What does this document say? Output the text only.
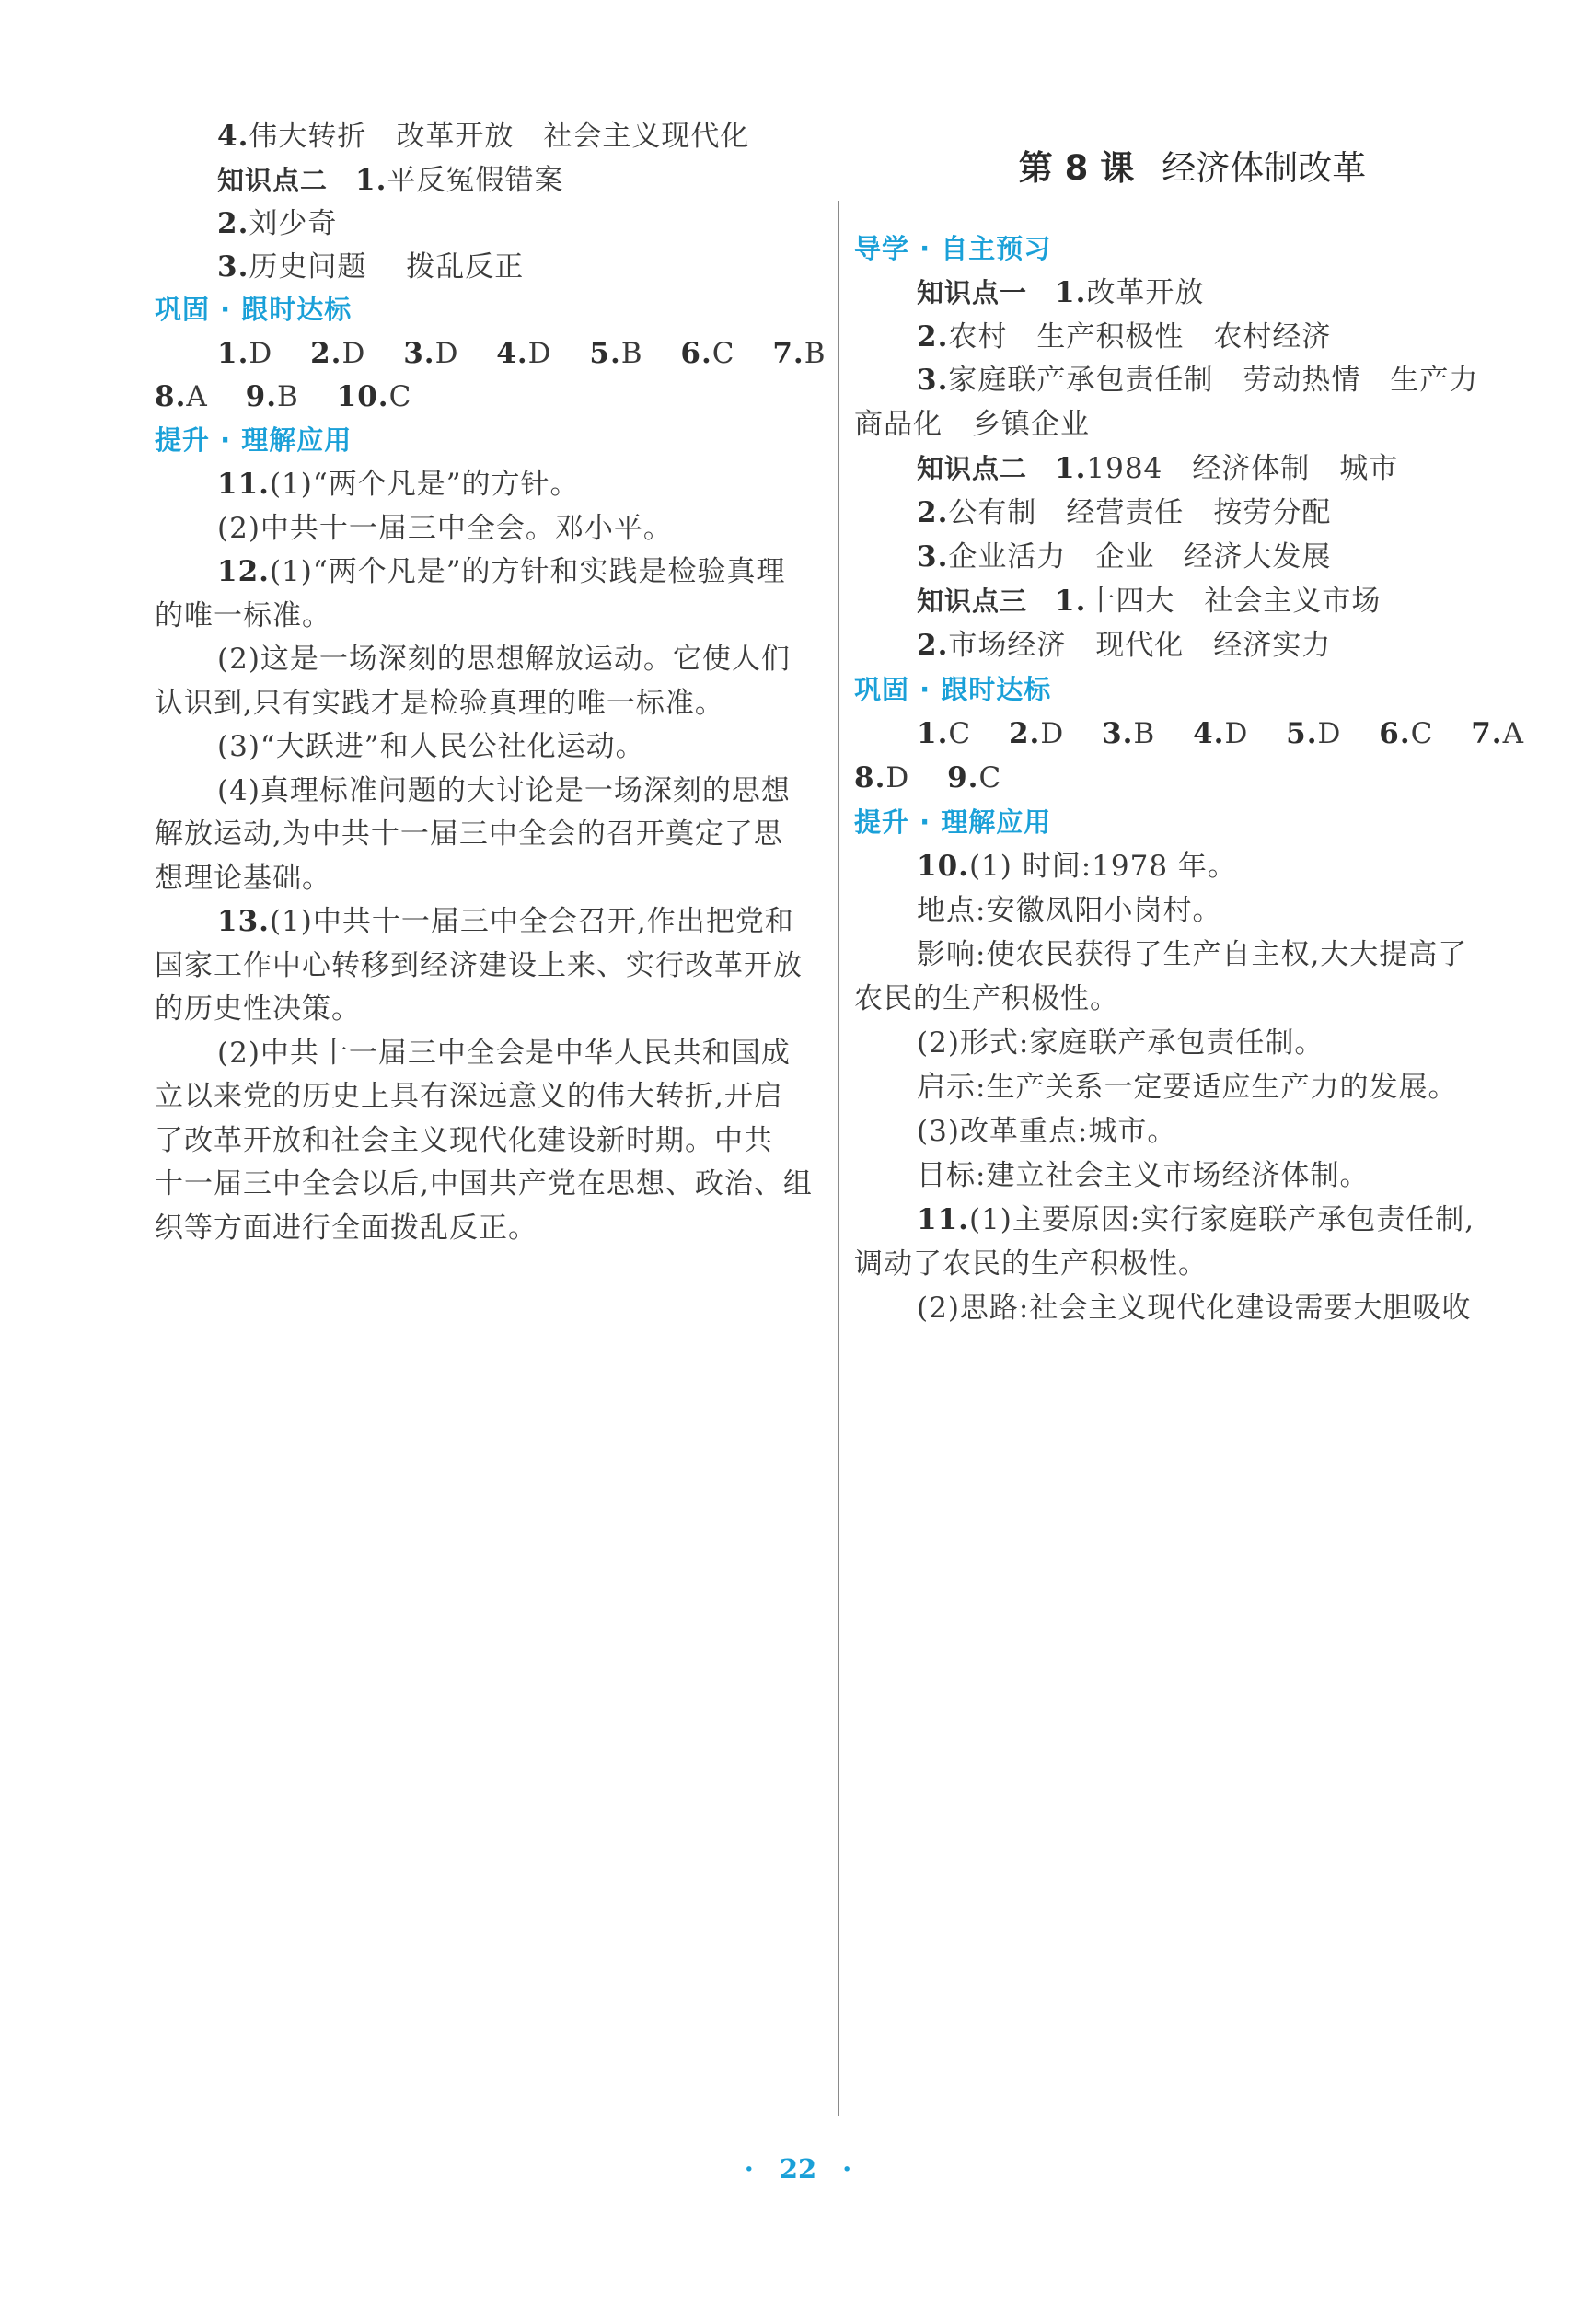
4.伟大转折　改革开放　社会主义现代化
知识点二 1.平反冤假错案
2.刘少奇
3.历史问题　 拨乱反正
巩固 · 跟时达标
1.D 2.D 3.D 4.D 5.B 6.C 7.B
8.A 9.B 10.C
提升 · 理解应用
11.(1)“两个凡是”的方针。
(2)中共十一届三中全会。邓小平。
12.(1)“两个凡是”的方针和实践是检验真理
的唯一标准。
(2)这是一场深刻的思想解放运动。它使人们
认识到,只有实践才是检验真理的唯一标准。
(3)“大跃进”和人民公社化运动。
(4)真理标准问题的大讨论是一场深刻的思想
解放运动,为中共十一届三中全会的召开奠定了思
想理论基础。
13.(1)中共十一届三中全会召开,作出把党和
国家工作中心转移到经济建设上来、实行改革开放
的历史性决策。
(2)中共十一届三中全会是中华人民共和国成
立以来党的历史上具有深远意义的伟大转折,开启
了改革开放和社会主义现代化建设新时期。中共
十一届三中全会以后,中国共产党在思想、政治、组
织等方面进行全面拨乱反正。
第 8 课 经济体制改革
导学 · 自主预习
知识点一 1.改革开放
2.农村　生产积极性　农村经济
3.家庭联产承包责任制　劳动热情　生产力
商品化　乡镇企业
知识点二 1.1984　经济体制　城市
2.公有制　经营责任　按劳分配
3.企业活力　企业　经济大发展
知识点三 1.十四大　社会主义市场
2.市场经济　现代化　经济实力
巩固 · 跟时达标
1.C 2.D 3.B 4.D 5.D 6.C 7.A
8.D 9.C
提升 · 理解应用
10.(1) 时间:1978 年。
地点:安徽凤阳小岗村。
影响:使农民获得了生产自主权,大大提高了
农民的生产积极性。
(2)形式:家庭联产承包责任制。
启示:生产关系一定要适应生产力的发展。
(3)改革重点:城市。
目标:建立社会主义市场经济体制。
11.(1)主要原因:实行家庭联产承包责任制,
调动了农民的生产积极性。
(2)思路:社会主义现代化建设需要大胆吸收
· 22 ·
